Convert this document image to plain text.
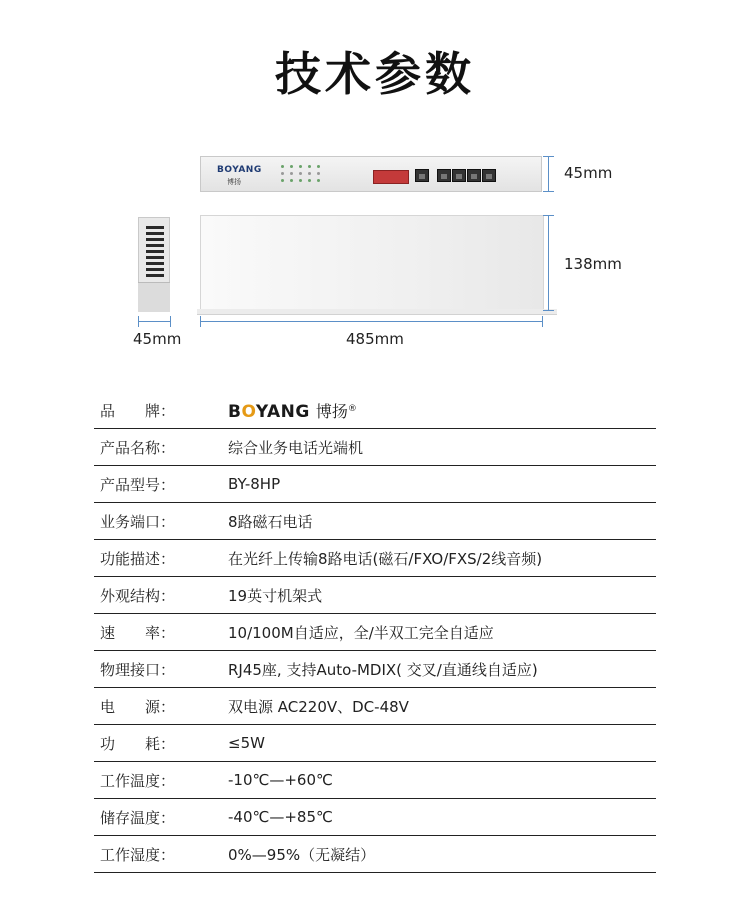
技术参数
BOYANG
博扬	45mm
138mm
45mm	485mm
品　　牌：	BOYANG 博扬®
产品名称：	综合业务电话光端机
产品型号：	BY-8HP
业务端口：	8路磁石电话
功能描述：	在光纤上传输8路电话(磁石/FXO/FXS/2线音频)
外观结构：	19英寸机架式
速　　率：	10/100M自适应，全/半双工完全自适应
物理接口：	RJ45座, 支持Auto-MDIX( 交叉/直通线自适应)
电　　源：	双电源 AC220V、DC-48V
功　　耗：	≤5W
工作温度：	-10℃—+60℃
储存温度：	-40℃—+85℃
工作湿度：	0%—95%（无凝结）
